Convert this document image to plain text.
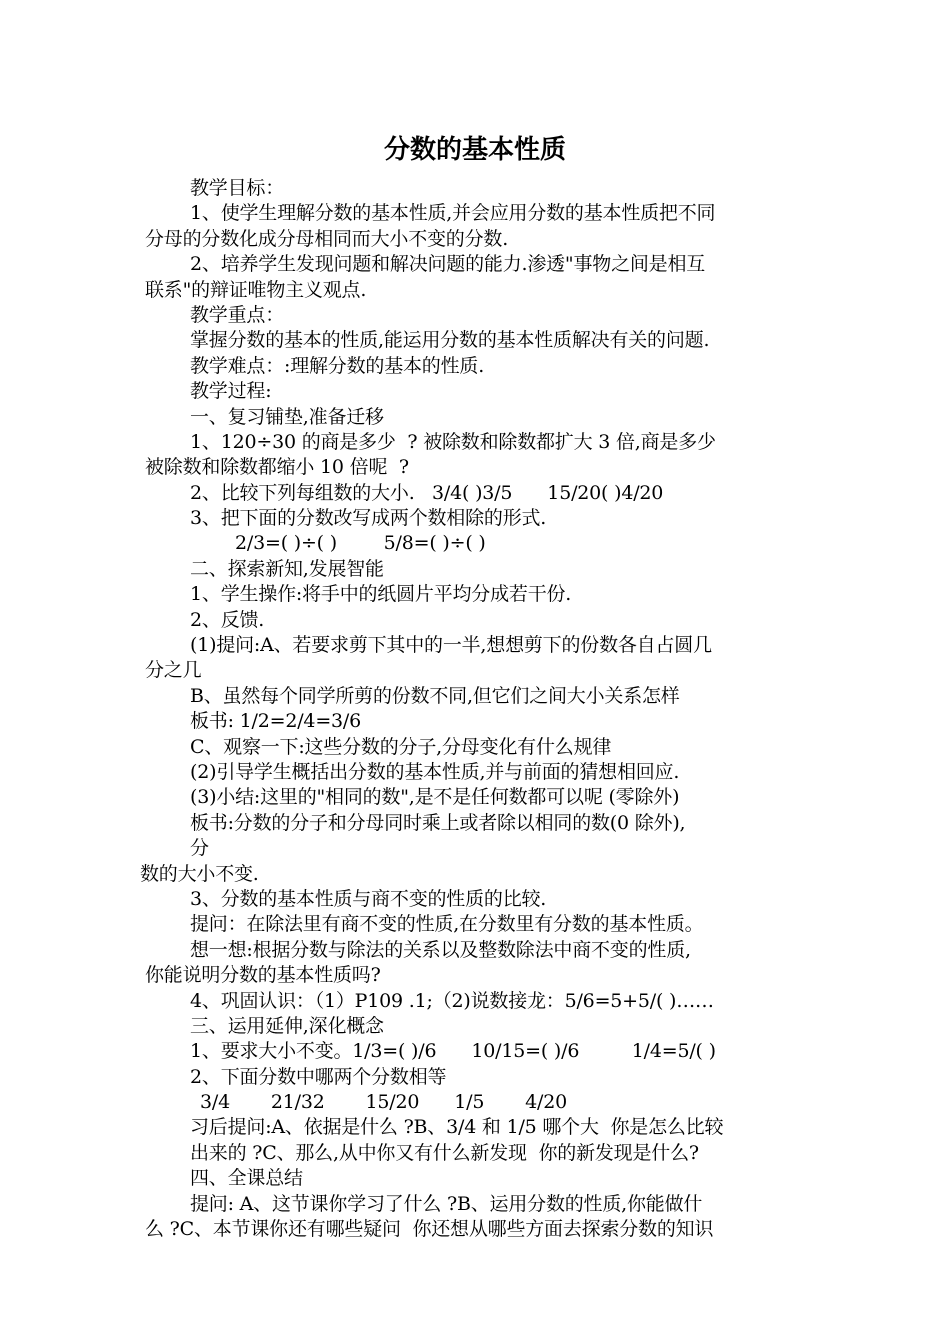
分数的基本性质
教学目标：
1、使学生理解分数的基本性质,并会应用分数的基本性质把不同
分母的分数化成分母相同而大小不变的分数.
2、培养学生发现问题和解决问题的能力.渗透"事物之间是相互
联系"的辩证唯物主义观点.
教学重点：
掌握分数的基本的性质,能运用分数的基本性质解决有关的问题.
教学难点：:理解分数的基本的性质.
教学过程:
一、复习铺垫,准备迁移
1、120÷30 的商是多少  ? 被除数和除数都扩大 3 倍,商是多少
被除数和除数都缩小 10 倍呢  ?
2、比较下列每组数的大小.   3/4( )3/5      15/20( )4/20
3、把下面的分数改写成两个数相除的形式.
2/3=( )÷( )        5/8=( )÷( )
二、探索新知,发展智能
1、学生操作:将手中的纸圆片平均分成若干份.
2、反馈.
(1)提问:A、若要求剪下其中的一半,想想剪下的份数各自占圆几
分之几
B、虽然每个同学所剪的份数不同,但它们之间大小关系怎样
板书: 1/2=2/4=3/6
C、观察一下:这些分数的分子,分母变化有什么规律
(2)引导学生概括出分数的基本性质,并与前面的猜想相回应.
(3)小结:这里的"相同的数",是不是任何数都可以呢 (零除外)
板书:分数的分子和分母同时乘上或者除以相同的数(0 除外),
分
数的大小不变.
3、分数的基本性质与商不变的性质的比较.
提问：在除法里有商不变的性质,在分数里有分数的基本性质。
想一想:根据分数与除法的关系以及整数除法中商不变的性质,
你能说明分数的基本性质吗?
4、巩固认识：（1）P109 .1;（2)说数接龙：5/6=5+5/( )……
三、运用延伸,深化概念
1、要求大小不变。1/3=( )/6      10/15=( )/6         1/4=5/( )
2、下面分数中哪两个分数相等
3/4       21/32       15/20      1/5       4/20
习后提问:A、依据是什么 ?B、3/4 和 1/5 哪个大  你是怎么比较
出来的 ?C、那么,从中你又有什么新发现  你的新发现是什么?
四、全课总结
提问: A、这节课你学习了什么 ?B、运用分数的性质,你能做什
么 ?C、本节课你还有哪些疑问  你还想从哪些方面去探索分数的知识
